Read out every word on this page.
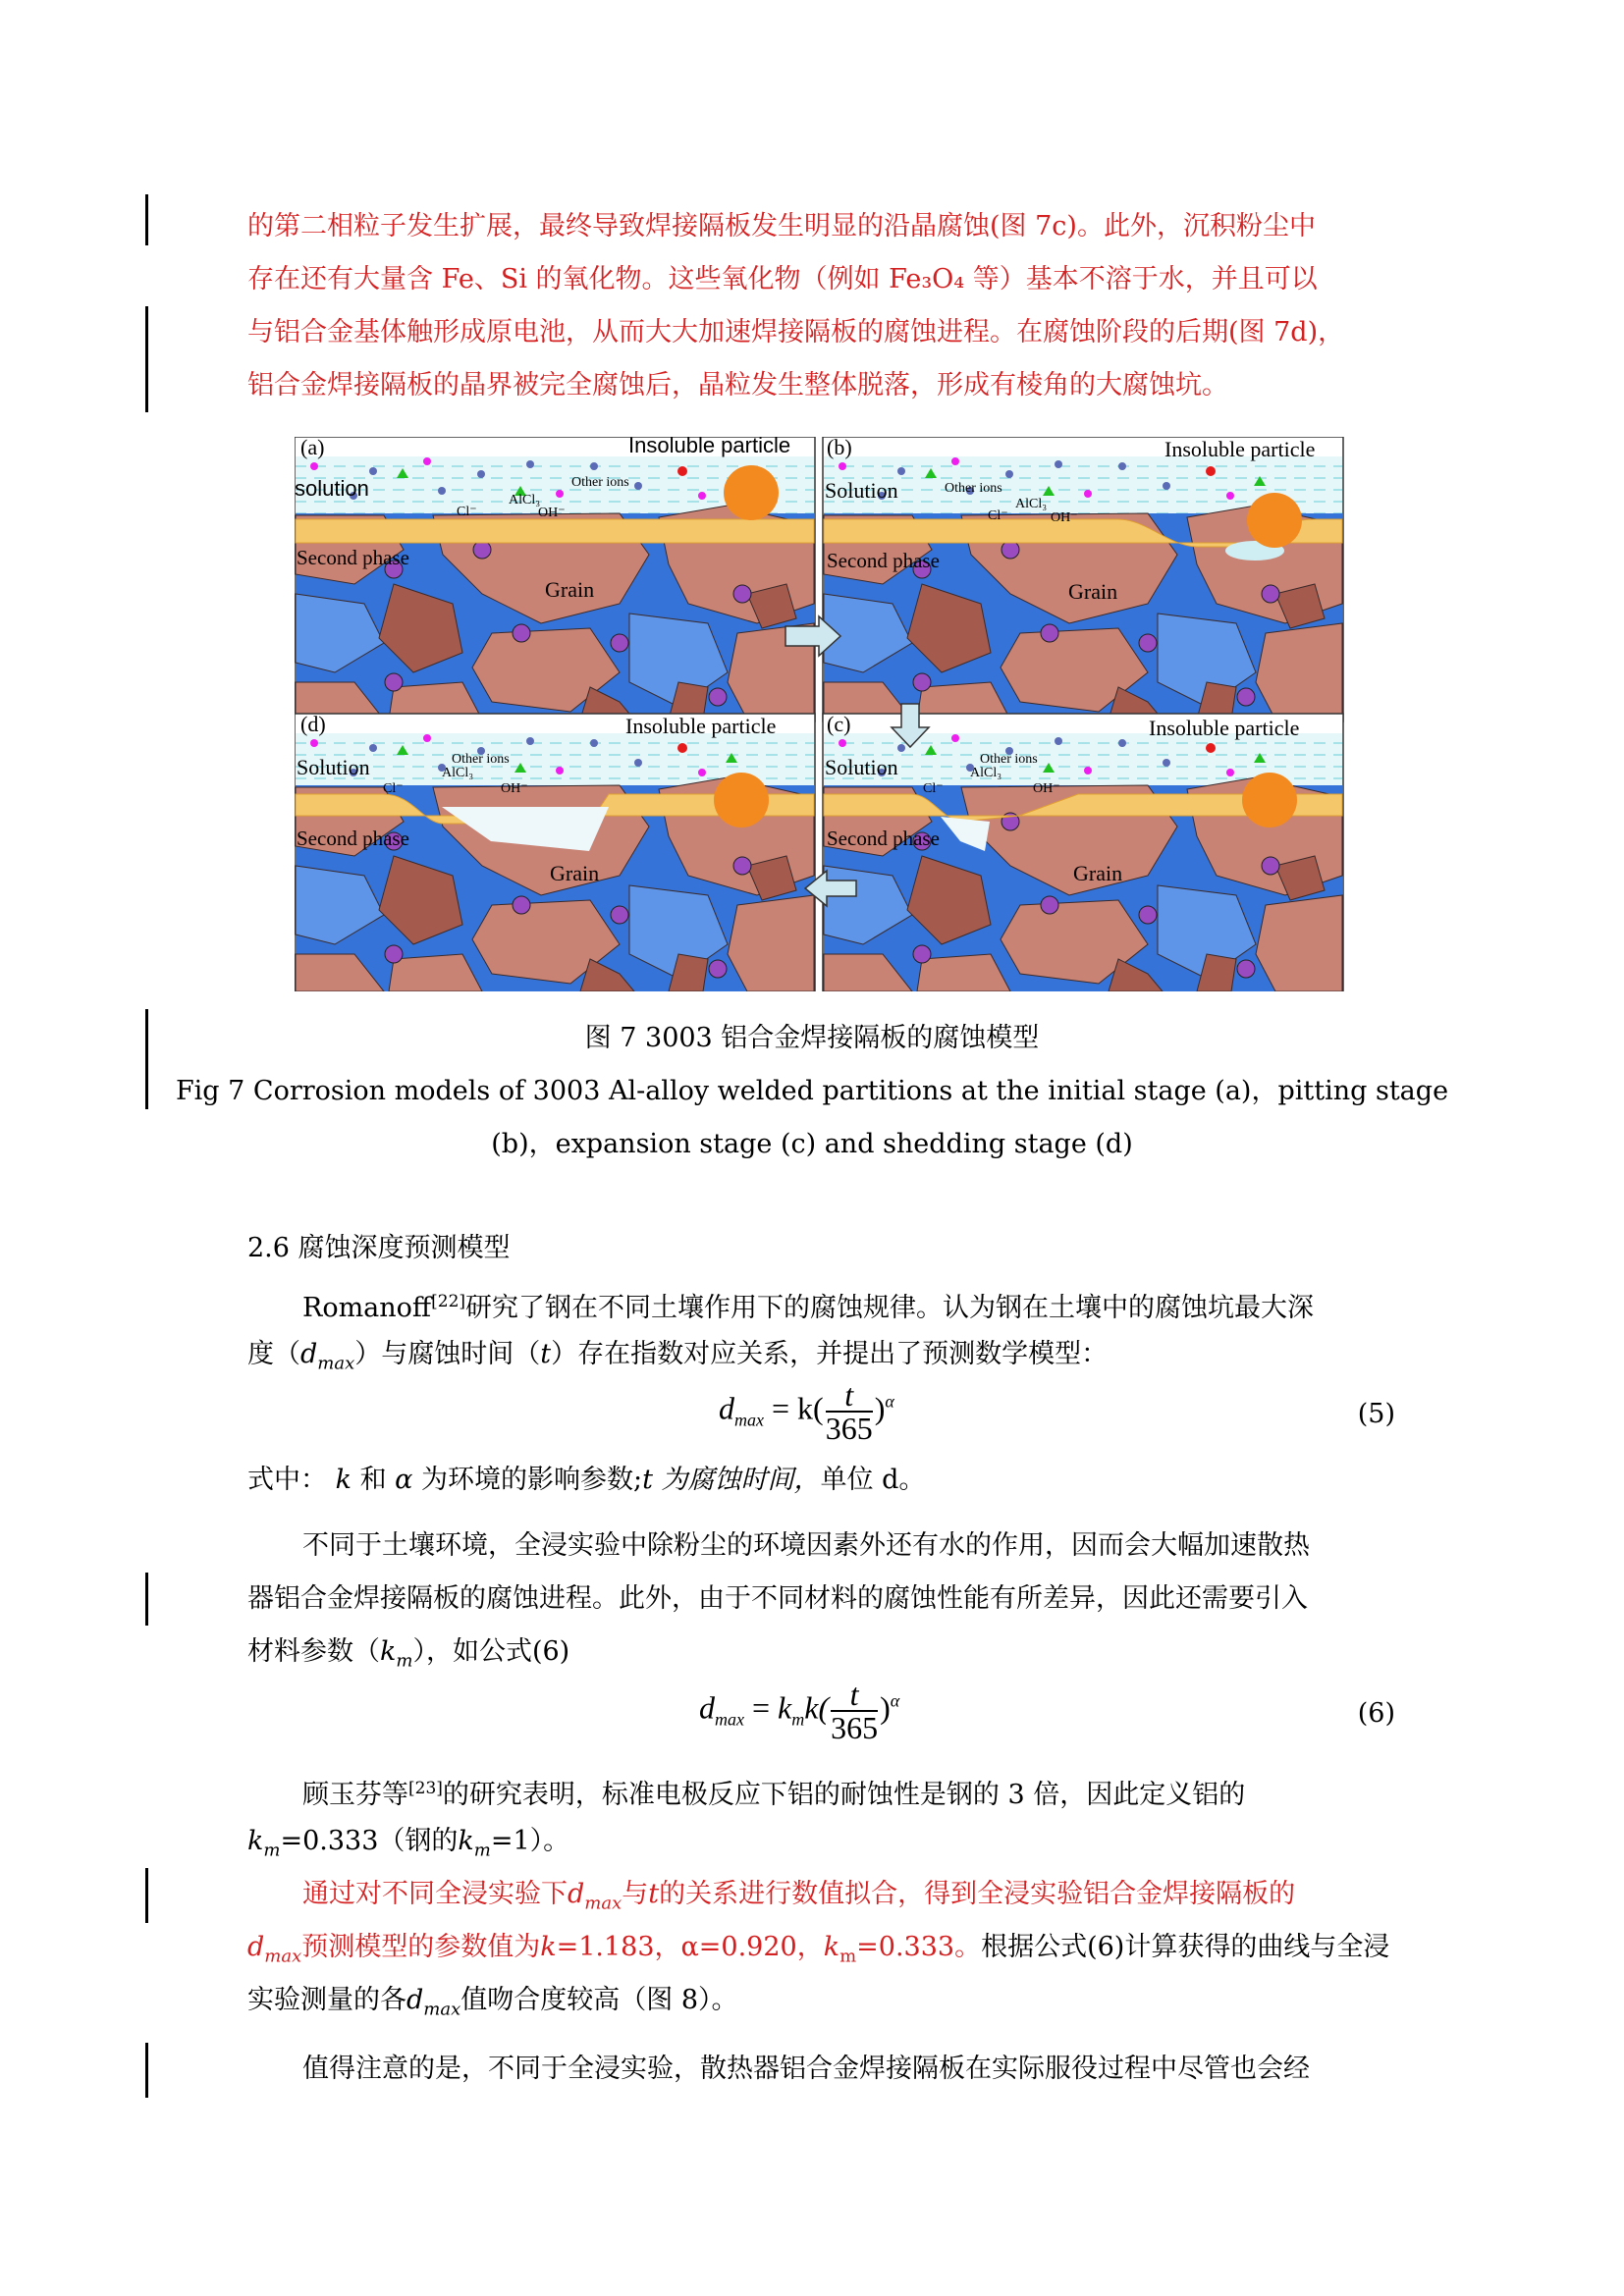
的第二相粒子发生扩展，最终导致焊接隔板发生明显的沿晶腐蚀(图 7c)。此外，沉积粉尘中
存在还有大量含 Fe、Si 的氧化物。这些氧化物（例如 Fe₃O₄ 等）基本不溶于水，并且可以
与铝合金基体触形成原电池，从而大大加速焊接隔板的腐蚀进程。在腐蚀阶段的后期(图 7d)，
铝合金焊接隔板的晶界被完全腐蚀后，晶粒发生整体脱落，形成有棱角的大腐蚀坑。
(a)	Insoluble particle
solution	Other ions
AlCl₃
Cl⁻	OH⁻
Second phase
Grain
(b)	Insoluble particle
Solution	Other ions
AlCl₃
Cl⁻	OH⁻
Second phase
Grain
(d)	Insoluble particle
Solution	Other ions
AlCl₃
Cl⁻	OH⁻
Second phase
Grain
(c)	Insoluble particle
Solution	Other ions
AlCl₃
Cl⁻	OH⁻
Second phase
Grain
图 7 3003 铝合金焊接隔板的腐蚀模型
Fig 7 Corrosion models of 3003 Al-alloy welded partitions at the initial stage (a)，pitting stage
(b)，expansion stage (c) and shedding stage (d)
2.6 腐蚀深度预测模型
Romanoff[22]研究了钢在不同土壤作用下的腐蚀规律。认为钢在土壤中的腐蚀坑最大深
度$(d_{max})$与腐蚀时间（t）存在指数对应关系，并提出了预测数学模型：
$d_{max} = k( \frac{t}{365} )^\alpha$	(5)
式中： k 和 α 为环境的影响参数;t 为腐蚀时间，单位 d。
不同于土壤环境，全浸实验中除粉尘的环境因素外还有水的作用，因而会大幅加速散热
器铝合金焊接隔板的腐蚀进程。此外，由于不同材料的腐蚀性能有所差异，因此还需要引入
材料参数$(k_m)$，如公式(6)
$d_{max} = k_mk( \frac{t}{365} )^\alpha$	(6)
顾玉芬等[23]的研究表明，标准电极反应下铝的耐蚀性是钢的 3 倍，因此定义铝的
$k_m=0.333$（钢的$k_m=1$）。
通过对不同全浸实验下$d_{max}$与t的关系进行数值拟合，得到全浸实验铝合金焊接隔板的
$d_{max}$预测模型的参数值为k=1.183，α=0.920，$k_m=0.333$。根据公式(6)计算获得的曲线与全浸
实验测量的各$d_{max}$值吻合度较高（图 8）。
值得注意的是，不同于全浸实验，散热器铝合金焊接隔板在实际服役过程中尽管也会经
